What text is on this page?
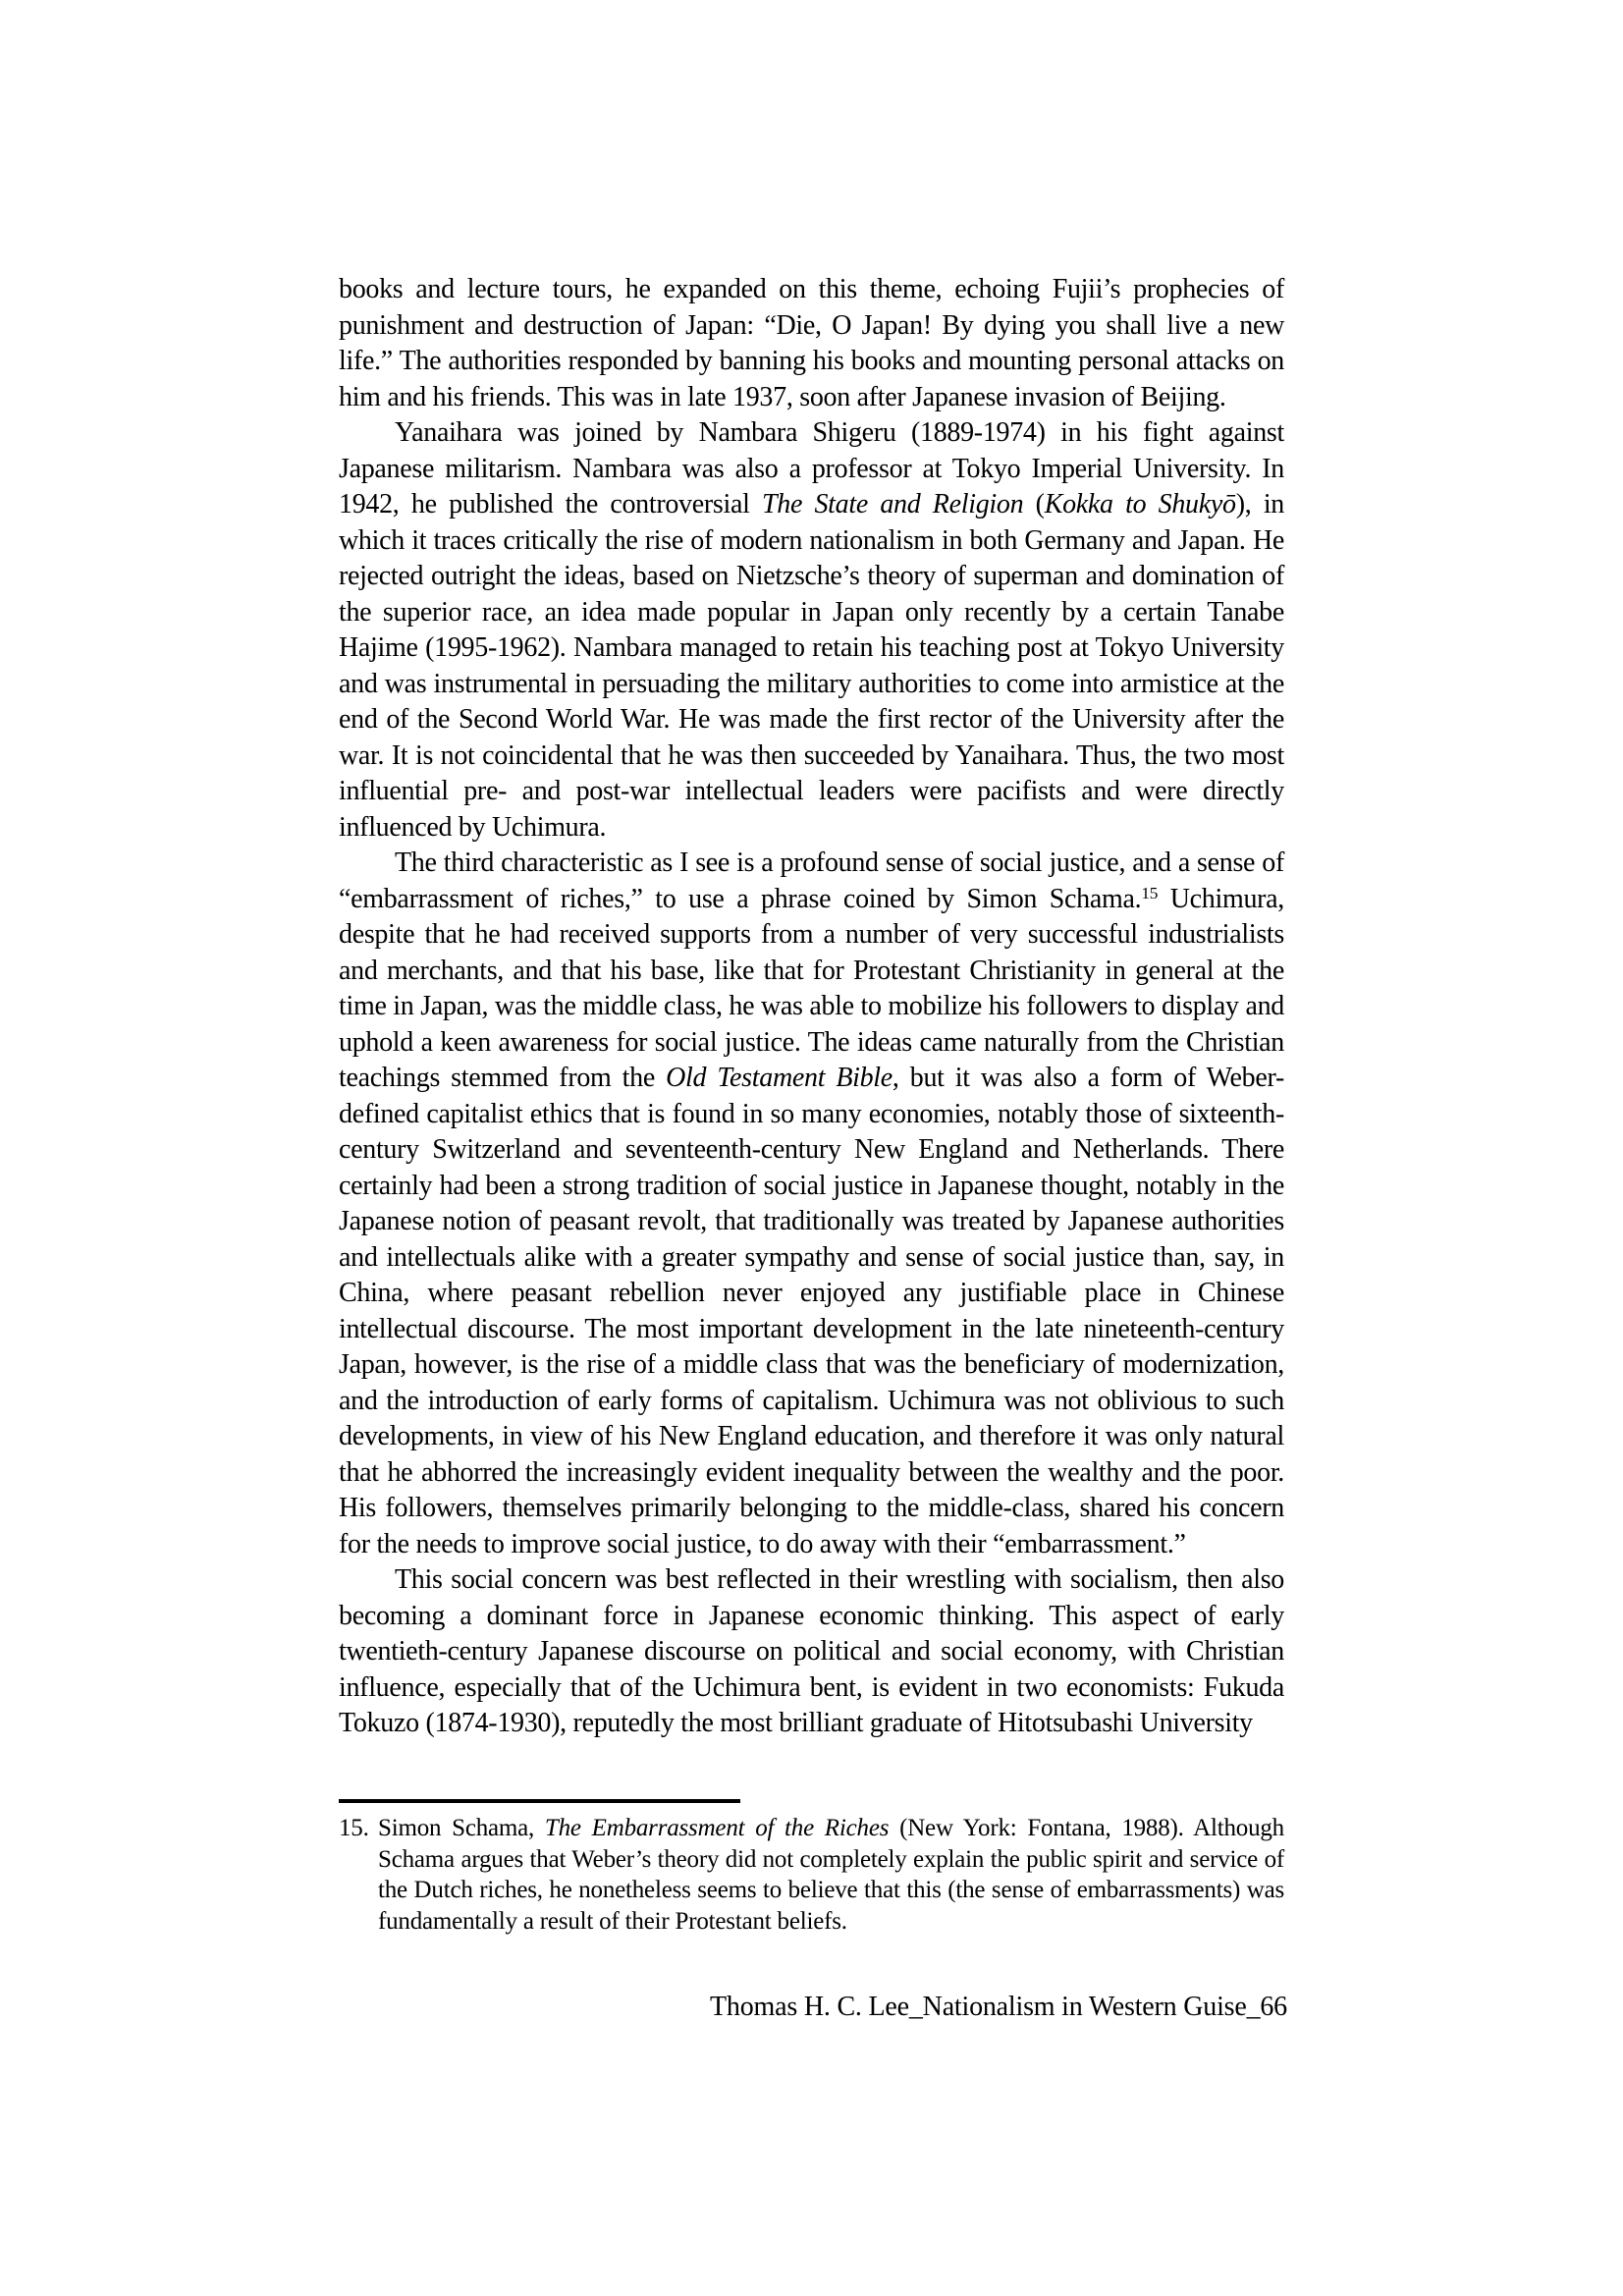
books and lecture tours, he expanded on this theme, echoing Fujii’s prophecies of punishment and destruction of Japan: “Die, O Japan! By dying you shall live a new life.” The authorities responded by banning his books and mounting personal attacks on him and his friends. This was in late 1937, soon after Japanese invasion of Beijing.

Yanaihara was joined by Nambara Shigeru (1889-1974) in his fight against Japanese militarism. Nambara was also a professor at Tokyo Imperial University. In 1942, he published the controversial The State and Religion (Kokka to Shukyō), in which it traces critically the rise of modern nationalism in both Germany and Japan. He rejected outright the ideas, based on Nietzsche’s theory of superman and domination of the superior race, an idea made popular in Japan only recently by a certain Tanabe Hajime (1995-1962). Nambara managed to retain his teaching post at Tokyo University and was instrumental in persuading the military authorities to come into armistice at the end of the Second World War. He was made the first rector of the University after the war. It is not coincidental that he was then succeeded by Yanaihara. Thus, the two most influential pre- and post-war intellectual leaders were pacifists and were directly influenced by Uchimura.

The third characteristic as I see is a profound sense of social justice, and a sense of “embarrassment of riches,” to use a phrase coined by Simon Schama.$^{15}$ Uchimura, despite that he had received supports from a number of very successful industrialists and merchants, and that his base, like that for Protestant Christianity in general at the time in Japan, was the middle class, he was able to mobilize his followers to display and uphold a keen awareness for social justice. The ideas came naturally from the Christian teachings stemmed from the Old Testament Bible, but it was also a form of Weber-defined capitalist ethics that is found in so many economies, notably those of sixteenth-century Switzerland and seventeenth-century New England and Netherlands. There certainly had been a strong tradition of social justice in Japanese thought, notably in the Japanese notion of peasant revolt, that traditionally was treated by Japanese authorities and intellectuals alike with a greater sympathy and sense of social justice than, say, in China, where peasant rebellion never enjoyed any justifiable place in Chinese intellectual discourse. The most important development in the late nineteenth-century Japan, however, is the rise of a middle class that was the beneficiary of modernization, and the introduction of early forms of capitalism. Uchimura was not oblivious to such developments, in view of his New England education, and therefore it was only natural that he abhorred the increasingly evident inequality between the wealthy and the poor. His followers, themselves primarily belonging to the middle-class, shared his concern for the needs to improve social justice, to do away with their “embarrassment.”

This social concern was best reflected in their wrestling with socialism, then also becoming a dominant force in Japanese economic thinking. This aspect of early twentieth-century Japanese discourse on political and social economy, with Christian influence, especially that of the Uchimura bent, is evident in two economists: Fukuda Tokuzo (1874-1930), reputedly the most brilliant graduate of Hitotsubashi University

15. Simon Schama, The Embarrassment of the Riches (New York: Fontana, 1988). Although Schama argues that Weber’s theory did not completely explain the public spirit and service of the Dutch riches, he nonetheless seems to believe that this (the sense of embarrassments) was fundamentally a result of their Protestant beliefs.
Thomas H. C. Lee_Nationalism in Western Guise_66
